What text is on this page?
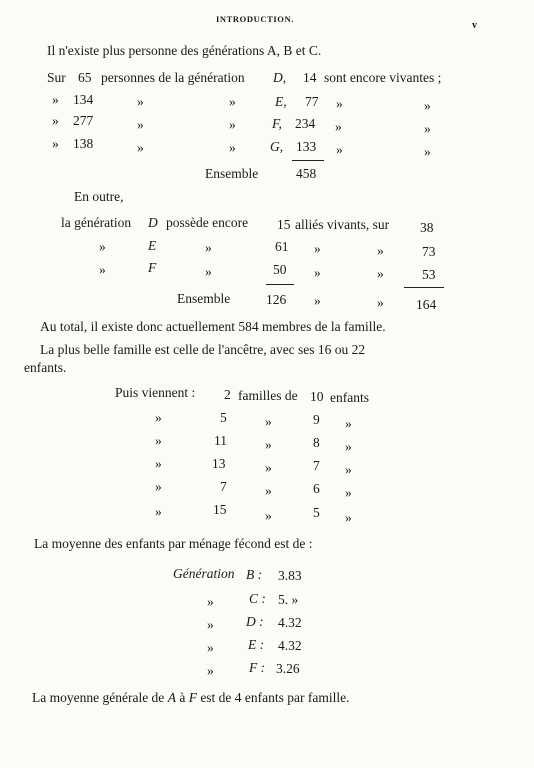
INTRODUCTION.
v
Il n'existe plus personne des générations A, B et C.
Sur 65 personnes de la génération D, 14 sont encore vivantes ;
» 134	»	»	E, 77 »	»
» 277	»	»	F, 234 »	»
» 138	»	»	G, 133 »	»
Ensemble	458
En outre,
la génération D possède encore 15 alliés vivants, sur 38
»	E	»	61 »	»	73
»	F	»	50 »	»	53
Ensemble	126 »	» 164
Au total, il existe donc actuellement 584 membres de la famille.
La plus belle famille est celle de l'ancêtre, avec ses 16 ou 22
enfants.
Puis viennent : 2 familles de 10 enfants
»	5	»	9 »
»	11	»	8 »
»	13	»	7 »
»	7	»	6 »
»	15	»	5 »
La moyenne des enfants par ménage fécond est de :
Génération B : 3.83
»	C : 5. »
» D : 4.32
»	E : 4.32
»	F : 3.26
La moyenne générale de A à F est de 4 enfants par famille.
